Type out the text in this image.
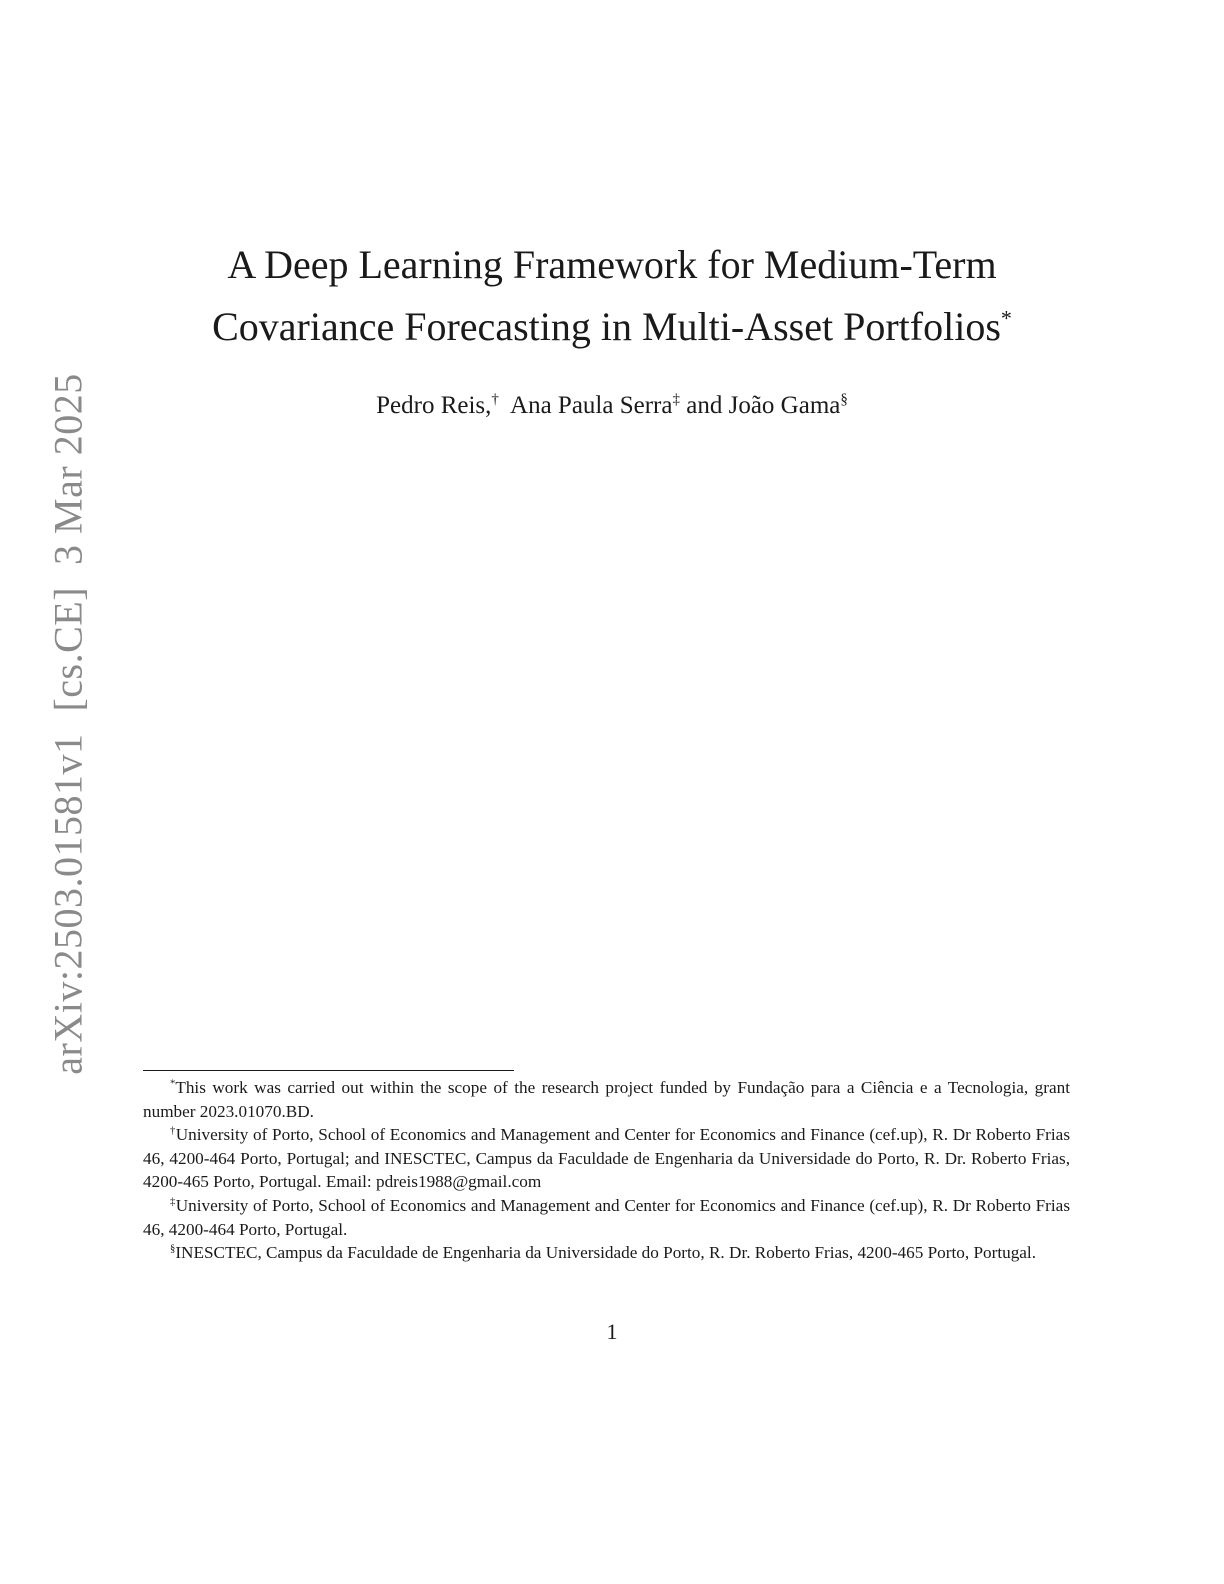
arXiv:2503.01581v1[cs.CE]3 Mar 2025
A Deep Learning Framework for Medium-Term
Covariance Forecasting in Multi-Asset Portfolios*
Pedro Reis,† Ana Paula Serra‡ and João Gama§

*This work was carried out within the scope of the research project funded by Fundação para a Ciência e a Tecnologia, grant number 2023.01070.BD.

†University of Porto, School of Economics and Management and Center for Economics and Finance (cef.up), R. Dr Roberto Frias 46, 4200-464 Porto, Portugal; and INESCTEC, Campus da Faculdade de Engenharia da Universidade do Porto, R. Dr. Roberto Frias, 4200-465 Porto, Portugal. Email: pdreis1988@gmail.com

‡University of Porto, School of Economics and Management and Center for Economics and Finance (cef.up), R. Dr Roberto Frias 46, 4200-464 Porto, Portugal.

§INESCTEC, Campus da Faculdade de Engenharia da Universidade do Porto, R. Dr. Roberto Frias, 4200-465 Porto, Portugal.

1
